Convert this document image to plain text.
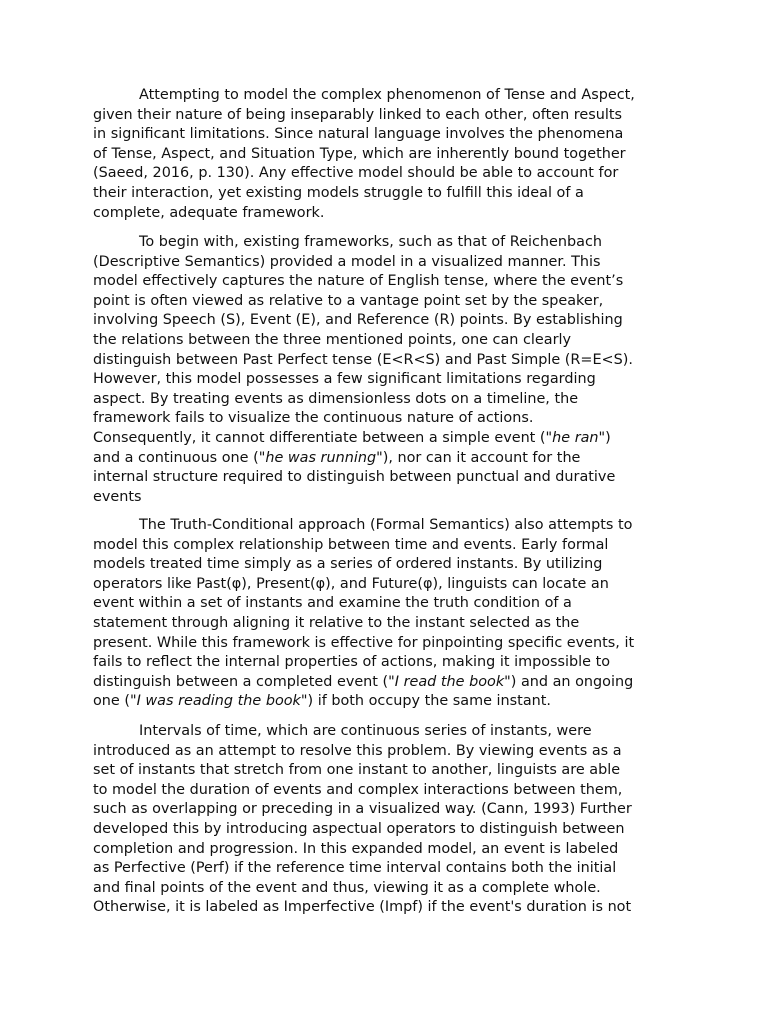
Attempting to model the complex phenomenon of Tense and Aspect,
given their nature of being inseparably linked to each other, often results
in significant limitations. Since natural language involves the phenomena
of Tense, Aspect, and Situation Type, which are inherently bound together
(Saeed, 2016, p. 130). Any effective model should be able to account for
their interaction, yet existing models struggle to fulfill this ideal of a
complete, adequate framework.
To begin with, existing frameworks, such as that of Reichenbach
(Descriptive Semantics) provided a model in a visualized manner. This
model effectively captures the nature of English tense, where the event’s
point is often viewed as relative to a vantage point set by the speaker,
involving Speech (S), Event (E), and Reference (R) points. By establishing
the relations between the three mentioned points, one can clearly
distinguish between Past Perfect tense (E<R<S) and Past Simple (R=E<S).
However, this model possesses a few significant limitations regarding
aspect. By treating events as dimensionless dots on a timeline, the
framework fails to visualize the continuous nature of actions.
Consequently, it cannot differentiate between a simple event ("he ran")
and a continuous one ("he was running"), nor can it account for the
internal structure required to distinguish between punctual and durative
events
The Truth-Conditional approach (Formal Semantics) also attempts to
model this complex relationship between time and events. Early formal
models treated time simply as a series of ordered instants. By utilizing
operators like Past(φ), Present(φ), and Future(φ), linguists can locate an
event within a set of instants and examine the truth condition of a
statement through aligning it relative to the instant selected as the
present. While this framework is effective for pinpointing specific events, it
fails to reflect the internal properties of actions, making it impossible to
distinguish between a completed event ("I read the book") and an ongoing
one ("I was reading the book") if both occupy the same instant.
Intervals of time, which are continuous series of instants, were
introduced as an attempt to resolve this problem. By viewing events as a
set of instants that stretch from one instant to another, linguists are able
to model the duration of events and complex interactions between them,
such as overlapping or preceding in a visualized way. (Cann, 1993) Further
developed this by introducing aspectual operators to distinguish between
completion and progression. In this expanded model, an event is labeled
as Perfective (Perf) if the reference time interval contains both the initial
and final points of the event and thus, viewing it as a complete whole.
Otherwise, it is labeled as Imperfective (Impf) if the event's duration is not
